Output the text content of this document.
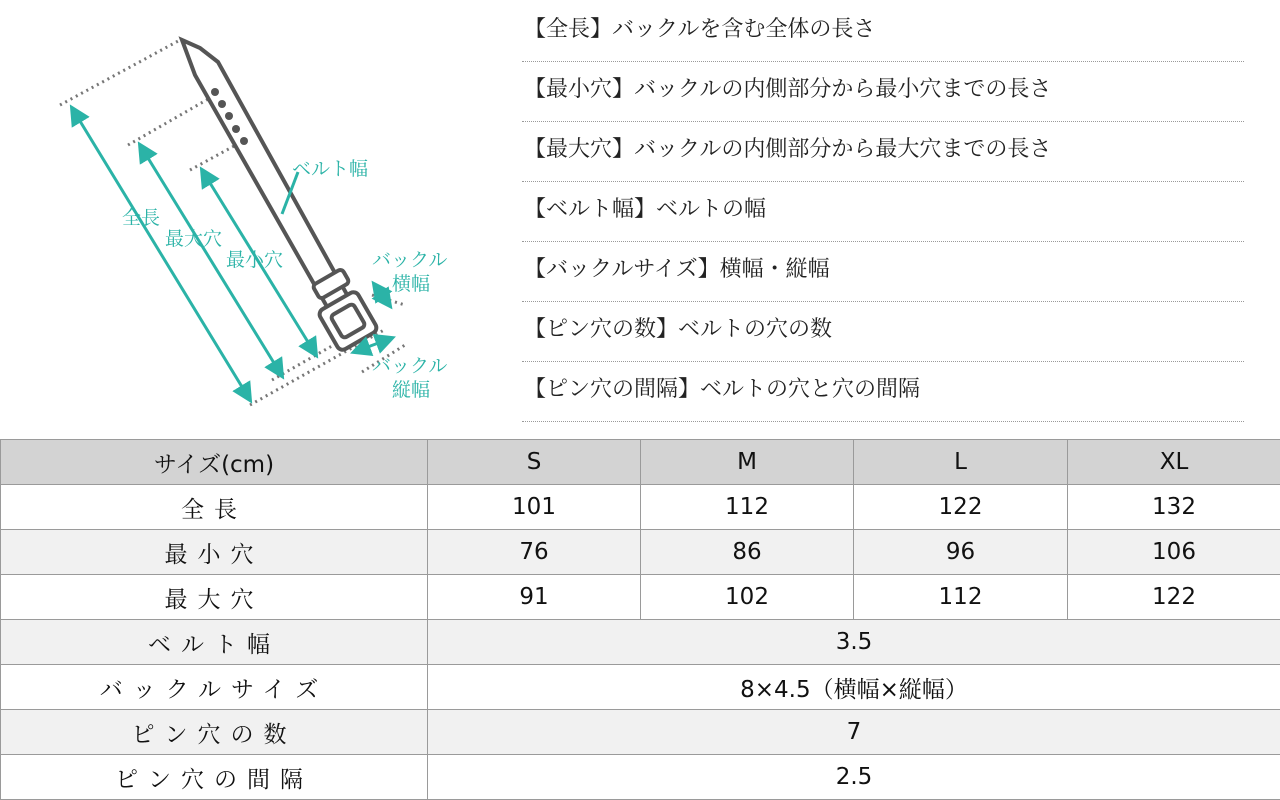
全長
最大穴
最小穴
ベルト幅
バックル
横幅
バックル
縦幅
【全長】バックルを含む全体の長さ
【最小穴】バックルの内側部分から最小穴までの長さ
【最大穴】バックルの内側部分から最大穴までの長さ
【ベルト幅】ベルトの幅
【バックルサイズ】横幅・縦幅
【ピン穴の数】ベルトの穴の数
【ピン穴の間隔】ベルトの穴と穴の間隔
サイズ(cm)	S	M	L	XL
全長	101	112	122	132
最小穴	76	86	96	106
最大穴	91	102	112	122
ベルト幅	3.5			
バックルサイズ	8×4.5（横幅×縦幅）			
ピン穴の数	7			
ピン穴の間隔	2.5			
